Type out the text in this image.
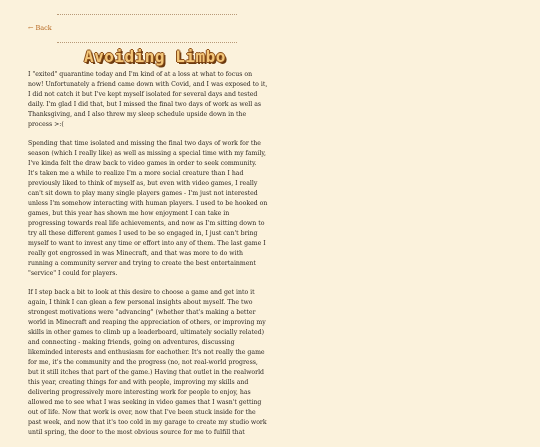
← Back
Avoiding Limbo

I "exited" quarantine today and I'm kind of at a loss at what to focus on now! Unfortunately a friend came down with Covid, and I was exposed to it, I did not catch it but I've kept myself isolated for several days and tested daily. I'm glad I did that, but I missed the final two days of work as well as Thanksgiving, and I also threw my sleep schedule upside down in the process >:(

Spending that time isolated and missing the final two days of work for the season (which I really like) as well as missing a special time with my family, I've kinda felt the draw back to video games in order to seek community. It's taken me a while to realize I'm a more social creature than I had previously liked to think of myself as, but even with video games, I really can't sit down to play many single players games - I'm just not interested unless I'm somehow interacting with human players. I used to be hooked on games, but this year has shown me how enjoyment I can take in progressing towards real life achievements, and now as I'm sitting down to try all these different games I used to be so engaged in, I just can't bring myself to want to invest any time or effort into any of them. The last game I really got engrossed in was Minecraft, and that was more to do with running a community server and trying to create the best entertainment "service" I could for players.

If I step back a bit to look at this desire to choose a game and get into it again, I think I can glean a few personal insights about myself. The two strongest motivations were "advancing" (whether that's making a better world in Minecraft and reaping the appreciation of others, or improving my skills in other games to climb up a leaderboard, ultimately socially related) and connecting - making friends, going on adventures, discussing likeminded interests and enthusiasm for eachother. It's not really the game for me, it's the community and the progress (no, not real-world progress, but it still itches that part of the game.) Having that outlet in the realworld this year, creating things for and with people, improving my skills and delivering progressively more interesting work for people to enjoy, has allowed me to see what I was seeking in video games that I wasn't getting out of life. Now that work is over, now that I've been stuck inside for the past week, and now that it's too cold in my garage to create my studio work until spring, the door to the most obvious source for me to fulfill that
